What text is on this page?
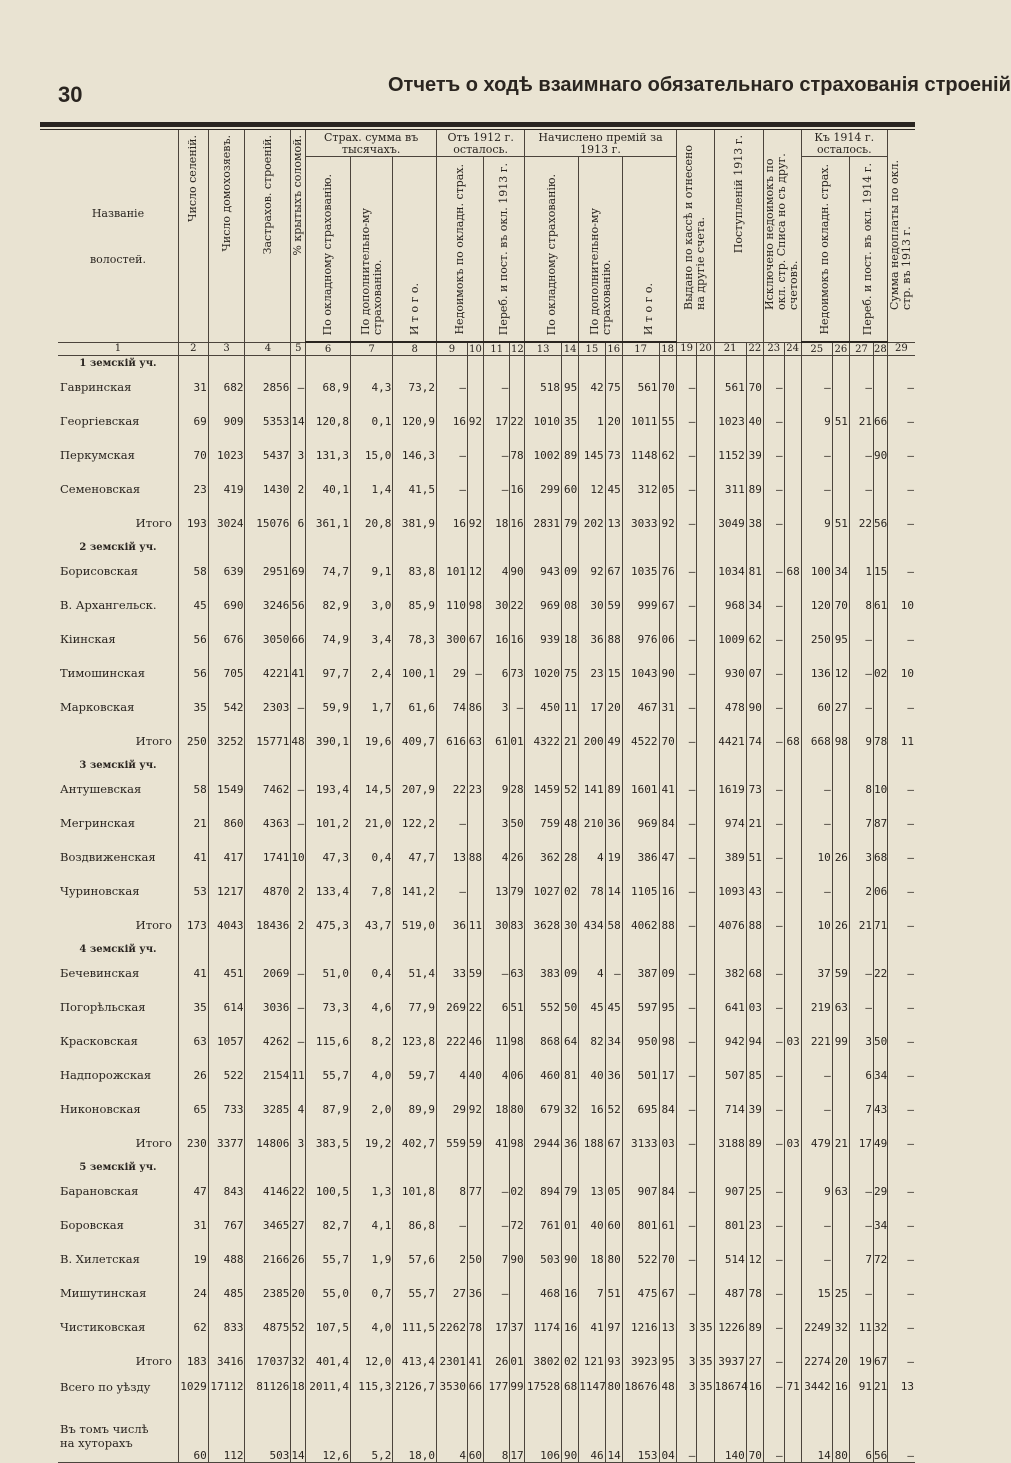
30	Отчетъ о ходѣ взаимнаго обязательнаго страхованія строеній
Названіе
волостей.	Число селеній.	Число домохозяевъ.	Застрахов. строеній.	% крытыхъ соломой.	Страх. сумма въ тысячахъ.			Отъ 1912 г. осталось.				Начислено премій за 1913 г.						Выдано по кассѣ и отнесено на другіе счета.		Поступленій 1913 г.		Исключено недоимокъ по окл. стр. Списа но съ друг. счетовъ.		Къ 1914 г. осталось.				Сумма недоплаты по окл. стр. въ 1913 г.
					По окладному страхованію.	По дополнительно-му страхованію.	И т о г о.	Недоимокъ по окладн. страх.		Переб. и пост. въ окл. 1913 г.		По окладному страхованію.		По дополнительно-му страхованію.		И т о г о.								Недоимокъ по окладн. страх.		Переб. и пост. въ окл. 1914 г.		
1	2	3	4	5	6	7	8	9	10	11	12	13	14	15	16	17	18	19	20	21	22	23	24	25	26	27	28	29
1 земскій уч.																												
Гавринская	31	682	2856	—	68,9	4,3	73,2	—		—		518	95	42	75	561	70	—		561	70	—		—		—		—
Георгіевская	69	909	5353	14	120,8	0,1	120,9	16	92	17	22	1010	35	1	20	1011	55	—		1023	40	—		9	51	21	66	—
Перкумская	70	1023	5437	3	131,3	15,0	146,3	—		—	78	1002	89	145	73	1148	62	—		1152	39	—		—		—	90	—
Семеновская	23	419	1430	2	40,1	1,4	41,5	—		—	16	299	60	12	45	312	05	—		311	89	—		—		—		—
Итого	193	3024	15076	6	361,1	20,8	381,9	16	92	18	16	2831	79	202	13	3033	92	—		3049	38	—		9	51	22	56	—
2 земскій уч.																												
Борисовская	58	639	2951	69	74,7	9,1	83,8	101	12	4	90	943	09	92	67	1035	76	—		1034	81	—	68	100	34	1	15	—
В. Архангельск.	45	690	3246	56	82,9	3,0	85,9	110	98	30	22	969	08	30	59	999	67	—		968	34	—		120	70	8	61	10
Кіинская	56	676	3050	66	74,9	3,4	78,3	300	67	16	16	939	18	36	88	976	06	—		1009	62	—		250	95	—		—
Тимошинская	56	705	4221	41	97,7	2,4	100,1	29	—	6	73	1020	75	23	15	1043	90	—		930	07	—		136	12	—	02	10
Марковская	35	542	2303	—	59,9	1,7	61,6	74	86	3	—	450	11	17	20	467	31	—		478	90	—		60	27	—		—
Итого	250	3252	15771	48	390,1	19,6	409,7	616	63	61	01	4322	21	200	49	4522	70	—		4421	74	—	68	668	98	9	78	11
3 земскій уч.																												
Антушевская	58	1549	7462	—	193,4	14,5	207,9	22	23	9	28	1459	52	141	89	1601	41	—		1619	73	—		—		8	10	—
Мегринская	21	860	4363	—	101,2	21,0	122,2	—		3	50	759	48	210	36	969	84	—		974	21	—		—		7	87	—
Воздвиженская	41	417	1741	10	47,3	0,4	47,7	13	88	4	26	362	28	4	19	386	47	—		389	51	—		10	26	3	68	—
Чуриновская	53	1217	4870	2	133,4	7,8	141,2	—		13	79	1027	02	78	14	1105	16	—		1093	43	—		—		2	06	—
Итого	173	4043	18436	2	475,3	43,7	519,0	36	11	30	83	3628	30	434	58	4062	88	—		4076	88	—		10	26	21	71	—
4 земскій уч.																												
Бечевинская	41	451	2069	—	51,0	0,4	51,4	33	59	—	63	383	09	4	—	387	09	—		382	68	—		37	59	—	22	—
Погорѣльская	35	614	3036	—	73,3	4,6	77,9	269	22	6	51	552	50	45	45	597	95	—		641	03	—		219	63	—		—
Красковская	63	1057	4262	—	115,6	8,2	123,8	222	46	11	98	868	64	82	34	950	98	—		942	94	—	03	221	99	3	50	—
Надпорожская	26	522	2154	11	55,7	4,0	59,7	4	40	4	06	460	81	40	36	501	17	—		507	85	—		—		6	34	—
Никоновская	65	733	3285	4	87,9	2,0	89,9	29	92	18	80	679	32	16	52	695	84	—		714	39	—		—		7	43	—
Итого	230	3377	14806	3	383,5	19,2	402,7	559	59	41	98	2944	36	188	67	3133	03	—		3188	89	—	03	479	21	17	49	—
5 земскій уч.																												
Барановская	47	843	4146	22	100,5	1,3	101,8	8	77	—	02	894	79	13	05	907	84	—		907	25	—		9	63	—	29	—
Боровская	31	767	3465	27	82,7	4,1	86,8	—		—	72	761	01	40	60	801	61	—		801	23	—		—		—	34	—
В. Хилетская	19	488	2166	26	55,7	1,9	57,6	2	50	7	90	503	90	18	80	522	70	—		514	12	—		—		7	72	—
Мишутинская	24	485	2385	20	55,0	0,7	55,7	27	36	—		468	16	7	51	475	67	—		487	78	—		15	25	—		—
Чистиковская	62	833	4875	52	107,5	4,0	111,5	2262	78	17	37	1174	16	41	97	1216	13	3	35	1226	89	—		2249	32	11	32	—
Итого	183	3416	17037	32	401,4	12,0	413,4	2301	41	26	01	3802	02	121	93	3923	95	3	35	3937	27	—		2274	20	19	67	—
Всего по уѣзду	1029	17112	81126	18	2011,4	115,3	2126,7	3530	66	177	99	17528	68	1147	80	18676	48	3	35	18674	16	—	71	3442	16	91	21	13

Въ томъ числѣ
на хуторахъ	60	112	503	14	12,6	5,2	18,0	4	60	8	17	106	90	46	14	153	04	—		140	70	—		14	80	6	56	—
